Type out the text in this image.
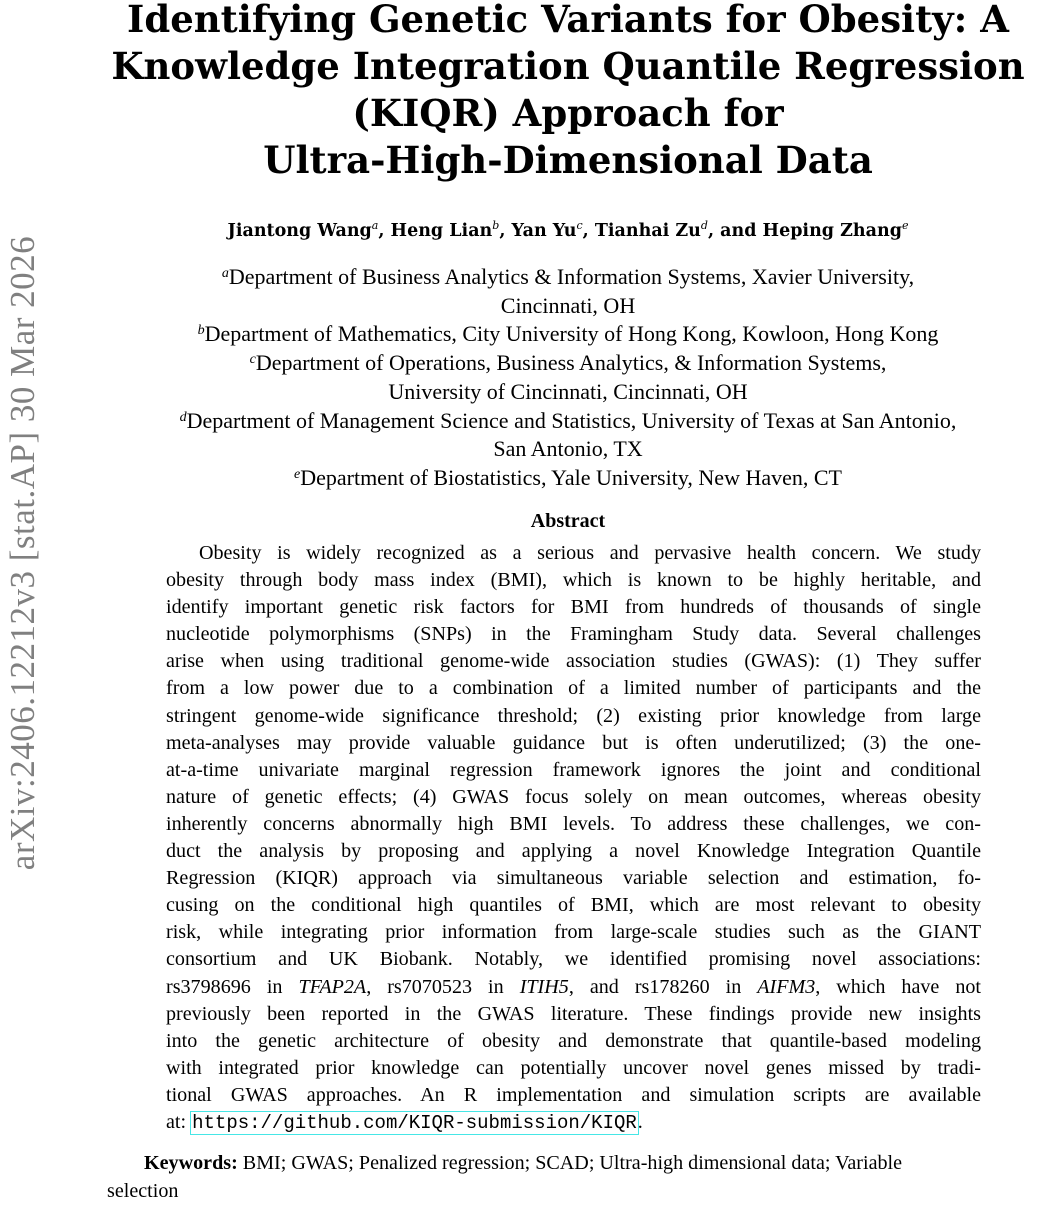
arXiv:2406.12212v3 [stat.AP] 30 Mar 2026
Identifying Genetic Variants for Obesity: A
Knowledge Integration Quantile Regression
(KIQR) Approach for
Ultra-High-Dimensional Data
Jiantong Wang$^a$, Heng Lian$^b$, Yan Yu$^c$, Tianhai Zu$^d$, and Heping Zhang$^e$
$^a$Department of Business Analytics & Information Systems, Xavier University,
Cincinnati, OH
$^b$Department of Mathematics, City University of Hong Kong, Kowloon, Hong Kong
$^c$Department of Operations, Business Analytics, & Information Systems,
University of Cincinnati, Cincinnati, OH
$^d$Department of Management Science and Statistics, University of Texas at San Antonio,
San Antonio, TX
$^e$Department of Biostatistics, Yale University, New Haven, CT
Abstract
Obesity is widely recognized as a serious and pervasive health concern. We study
obesity through body mass index (BMI), which is known to be highly heritable, and
identify important genetic risk factors for BMI from hundreds of thousands of single
nucleotide polymorphisms (SNPs) in the Framingham Study data. Several challenges
arise when using traditional genome-wide association studies (GWAS): (1) They suffer
from a low power due to a combination of a limited number of participants and the
stringent genome-wide significance threshold; (2) existing prior knowledge from large
meta-analyses may provide valuable guidance but is often underutilized; (3) the one-
at-a-time univariate marginal regression framework ignores the joint and conditional
nature of genetic effects; (4) GWAS focus solely on mean outcomes, whereas obesity
inherently concerns abnormally high BMI levels. To address these challenges, we con-
duct the analysis by proposing and applying a novel Knowledge Integration Quantile
Regression (KIQR) approach via simultaneous variable selection and estimation, fo-
cusing on the conditional high quantiles of BMI, which are most relevant to obesity
risk, while integrating prior information from large-scale studies such as the GIANT
consortium and UK Biobank. Notably, we identified promising novel associations:
rs3798696 in TFAP2A, rs7070523 in ITIH5, and rs178260 in AIFM3, which have not
previously been reported in the GWAS literature. These findings provide new insights
into the genetic architecture of obesity and demonstrate that quantile-based modeling
with integrated prior knowledge can potentially uncover novel genes missed by tradi-
tional GWAS approaches. An R implementation and simulation scripts are available
at: https://github.com/KIQR-submission/KIQR.
Keywords: BMI; GWAS; Penalized regression; SCAD; Ultra-high dimensional data; Variable
selection
